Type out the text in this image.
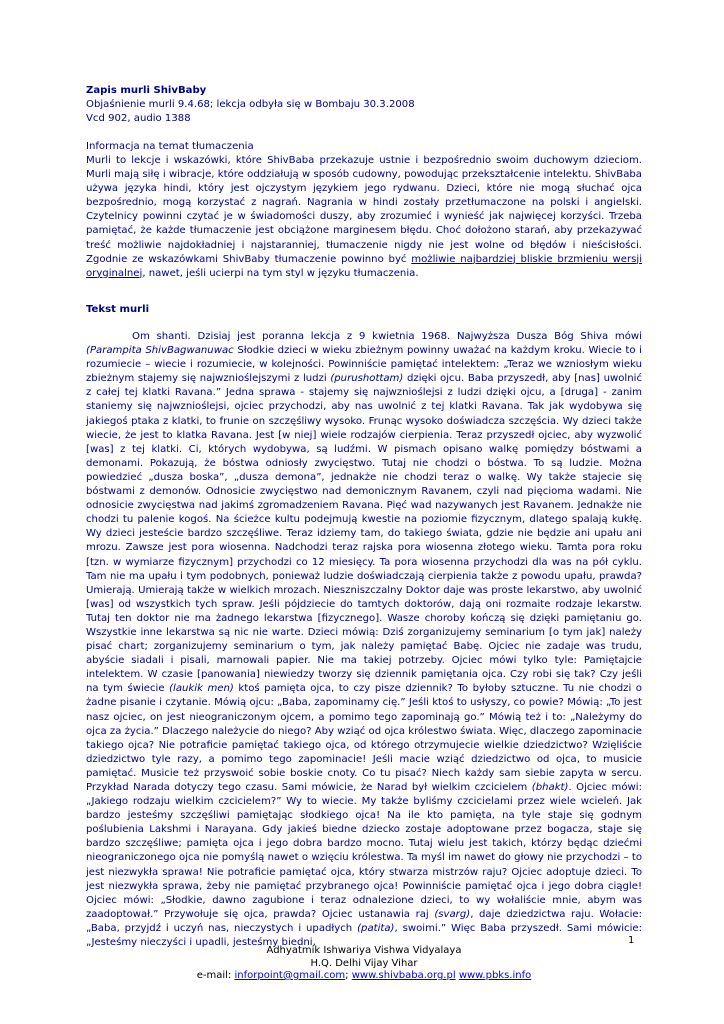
Zapis murli ShivBaby
Objaśnienie murli 9.4.68; lekcja odbyła się w Bombaju 30.3.2008
Vcd 902, audio 1388
Informacja na temat tłumaczenia
Murli to lekcje i wskazówki, które ShivBaba przekazuje ustnie i bezpośrednio swoim duchowym dzieciom. Murli mają siłę i wibracje, które oddziałują w sposób cudowny, powodując przekształcenie intelektu. ShivBaba używa języka hindi, który jest ojczystym językiem jego rydwanu. Dzieci, które nie mogą słuchać ojca bezpośrednio, mogą korzystać z nagrań. Nagrania w hindi zostały przetłumaczone na polski i angielski. Czytelnicy powinni czytać je w świadomości duszy, aby zrozumieć i wynieść jak najwięcej korzyści. Trzeba pamiętać, że każde tłumaczenie jest obciążone marginesem błędu. Choć dołożono starań, aby przekazywać treść możliwie najdokładniej i najstaranniej, tłumaczenie nigdy nie jest wolne od błędów i nieścisłości. Zgodnie ze wskazówkami ShivBaby tłumaczenie powinno być możliwie najbardziej bliskie brzmieniu wersji oryginalnej, nawet, jeśli ucierpi na tym styl w języku tłumaczenia.
Tekst murli
Om shanti. Dzisiaj jest poranna lekcja z 9 kwietnia 1968. Najwyższa Dusza Bóg Shiva mówi (Parampita ShivBagwanuwac Słodkie dzieci w wieku zbieżnym powinny uważać na każdym kroku. Wiecie to i rozumiecie – wiecie i rozumiecie, w kolejności. Powinniście pamiętać intelektem: „Teraz we wzniosłym wieku zbieżnym stajemy się najwznioślejszymi z ludzi (purushottam) dzięki ojcu. Baba przyszedł, aby [nas] uwolnić z całej tej klatki Ravana.” Jedna sprawa - stajemy się najwznioślejsi z ludzi dzięki ojcu, a [druga] - zanim staniemy się najwznioślejsi, ojciec przychodzi, aby nas uwolnić z tej klatki Ravana. Tak jak wydobywa się jakiegoś ptaka z klatki, to frunie on szczęśliwy wysoko. Frunąc wysoko doświadcza szczęścia. Wy dzieci także wiecie, że jest to klatka Ravana. Jest [w niej] wiele rodzajów cierpienia. Teraz przyszedł ojciec, aby wyzwolić [was] z tej klatki. Ci, których wydobywa, są ludźmi. W pismach opisano walkę pomiędzy bóstwami a demonami. Pokazują, że bóstwa odniosły zwycięstwo. Tutaj nie chodzi o bóstwa. To są ludzie. Można powiedzieć „dusza boska”, „dusza demona”, jednakże nie chodzi teraz o walkę. Wy także stajecie się bóstwami z demonów. Odnosicie zwycięstwo nad demonicznym Ravanem, czyli nad pięcioma wadami. Nie odnosicie zwycięstwa nad jakimś zgromadzeniem Ravana. Pięć wad nazywanych jest Ravanem. Jednakże nie chodzi tu palenie kogoś. Na ścieżce kultu podejmują kwestie na poziomie fizycznym, dlatego spalają kukłę. Wy dzieci jesteście bardzo szczęśliwe. Teraz idziemy tam, do takiego świata, gdzie nie będzie ani upału ani mrozu. Zawsze jest pora wiosenna. Nadchodzi teraz rajska pora wiosenna złotego wieku. Tamta pora roku [tzn. w wymiarze fizycznym] przychodzi co 12 miesięcy. Ta pora wiosenna przychodzi dla was na pół cyklu. Tam nie ma upału i tym podobnych, ponieważ ludzie doświadczają cierpienia także z powodu upału, prawda? Umierają. Umierają także w wielkich mrozach. Nieszniszczalny Doktor daje was proste lekarstwo, aby uwolnić [was] od wszystkich tych spraw. Jeśli pójdziecie do tamtych doktorów, dają oni rozmaite rodzaje lekarstw. Tutaj ten doktor nie ma żadnego lekarstwa [fizycznego]. Wasze choroby kończą się dzięki pamiętaniu go. Wszystkie inne lekarstwa są nic nie warte. Dzieci mówią: Dziś zorganizujemy seminarium [o tym jak] należy pisać chart; zorganizujemy seminarium o tym, jak należy pamiętać Babę. Ojciec nie zadaje was trudu, abyście siadali i pisali, marnowali papier. Nie ma takiej potrzeby. Ojciec mówi tylko tyle: Pamiętajcie intelektem. W czasie [panowania] niewiedzy tworzy się dziennik pamiętania ojca. Czy robi się tak? Czy jeśli na tym świecie (laukik men) ktoś pamięta ojca, to czy pisze dziennik? To byłoby sztuczne. Tu nie chodzi o żadne pisanie i czytanie. Mówią ojcu: „Baba, zapominamy cię.” Jeśli ktoś to usłyszy, co powie? Mówią: „To jest nasz ojciec, on jest nieograniczonym ojcem, a pomimo tego zapominają go.” Mówią też i to: „Należymy do ojca za życia.” Dlaczego należycie do niego? Aby wziąć od ojca królestwo świata. Więc, dlaczego zapominacie takiego ojca? Nie potraficie pamiętać takiego ojca, od którego otrzymujecie wielkie dziedzictwo? Wzięliście dziedzictwo tyle razy, a pomimo tego zapominacie! Jeśli macie wziąć dziedzictwo od ojca, to musicie pamiętać. Musicie też przyswoić sobie boskie cnoty. Co tu pisać? Niech każdy sam siebie zapyta w sercu. Przykład Narada dotyczy tego czasu. Sami mówicie, że Narad był wielkim czcicielem (bhakt). Ojciec mówi: „Jakiego rodzaju wielkim czcicielem?” Wy to wiecie. My także byliśmy czcicielami przez wiele wcieleń. Jak bardzo jesteśmy szczęśliwi pamiętając słodkiego ojca! Na ile kto pamięta, na tyle staje się godnym poślubienia Lakshmi i Narayana. Gdy jakieś biedne dziecko zostaje adoptowane przez bogacza, staje się bardzo szczęśliwe; pamięta ojca i jego dobra bardzo mocno. Tutaj wielu jest takich, którzy będąc dziećmi nieograniczonego ojca nie pomyślą nawet o wzięciu królestwa. Ta myśl im nawet do głowy nie przychodzi – to jest niezwykła sprawa! Nie potraficie pamiętać ojca, który stwarza mistrzów raju? Ojciec adoptuje dzieci. To jest niezwykła sprawa, żeby nie pamiętać przybranego ojca! Powinniście pamiętać ojca i jego dobra ciągle! Ojciec mówi: „Słodkie, dawno zagubione i teraz odnalezione dzieci, to wy wołaliście mnie, abym was zaadoptował.” Przywołuje się ojca, prawda? Ojciec ustanawia raj (svarg), daje dziedzictwa raju. Wołacie: „Baba, przyjdź i uczyń nas, nieczystych i upadłych (patita), swoimi.” Więc Baba przyszedł. Sami mówicie: „Jesteśmy nieczyści i upadli, jesteśmy biedni,	1
Adhyatmik Ishwariya Vishwa Vidyalaya
H.Q. Delhi Vijay Vihar
e-mail: inforpoint@gmail.com; www.shivbaba.org.pl www.pbks.info
